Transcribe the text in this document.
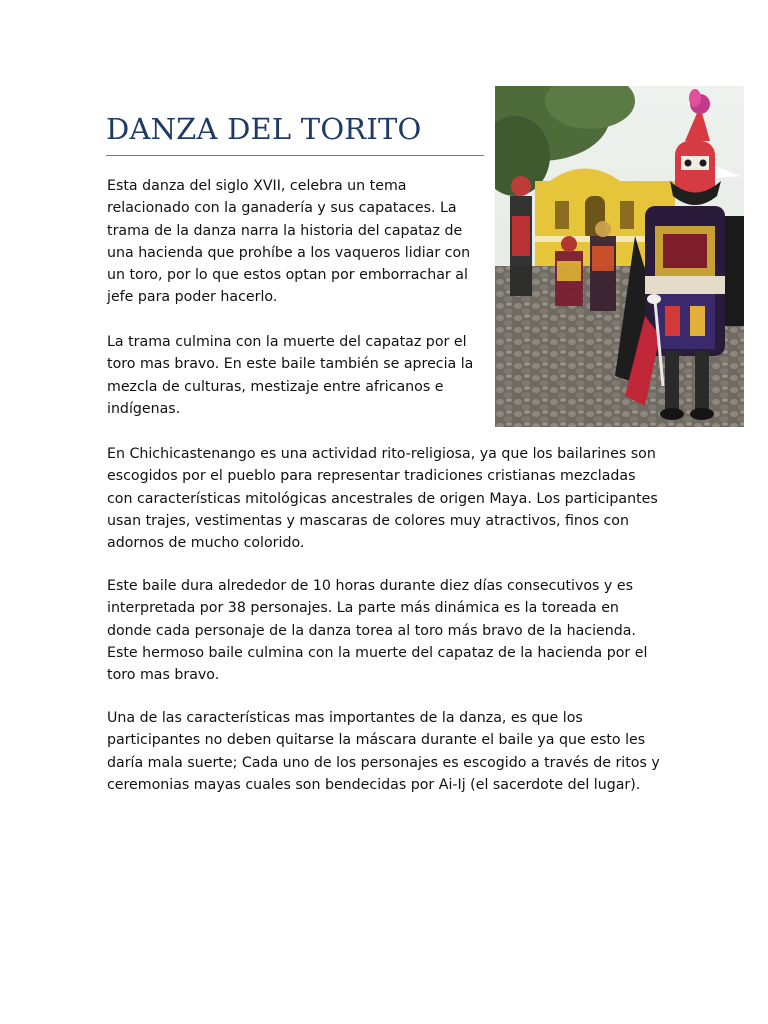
DANZA DEL TORITO

Esta danza del siglo XVII, celebra un tema
relacionado con la ganadería y sus capataces. La
trama de la danza narra la historia del capataz de
una hacienda que prohíbe a los vaqueros lidiar con
un toro, por lo que estos optan por emborrachar al
jefe para poder hacerlo.

La trama culmina con la muerte del capataz por el
toro mas bravo. En este baile también se aprecia la
mezcla de culturas, mestizaje entre africanos e
indígenas.

En Chichicastenango es una actividad rito-religiosa, ya que los bailarines son
escogidos por el pueblo para representar tradiciones cristianas mezcladas
con características mitológicas ancestrales de origen Maya. Los participantes
usan trajes, vestimentas y mascaras de colores muy atractivos, finos con
adornos de mucho colorido.

Este baile dura alrededor de 10 horas durante diez días consecutivos y es
interpretada por 38 personajes. La parte más dinámica es la toreada en
donde cada personaje de la danza torea al toro más bravo de la hacienda.
Este hermoso baile culmina con la muerte del capataz de la hacienda por el
toro mas bravo.

Una de las características mas importantes de la danza, es que los
participantes no deben quitarse la máscara durante el baile ya que esto les
daría mala suerte; Cada uno de los personajes es escogido a través de ritos y
ceremonias mayas cuales son bendecidas por Ai-Ij (el sacerdote del lugar).
